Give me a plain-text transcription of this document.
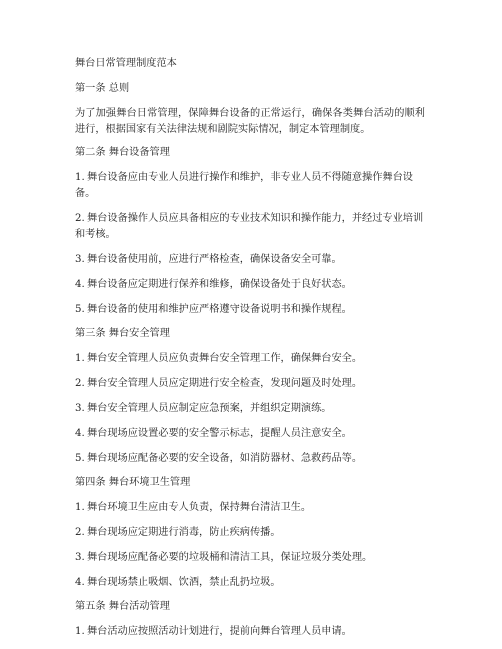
舞台日常管理制度范本
第一条 总则
为了加强舞台日常管理，保障舞台设备的正常运行，确保各类舞台活动的顺利进行，根据国家有关法律法规和剧院实际情况，制定本管理制度。
第二条 舞台设备管理
1. 舞台设备应由专业人员进行操作和维护，非专业人员不得随意操作舞台设备。
2. 舞台设备操作人员应具备相应的专业技术知识和操作能力，并经过专业培训和考核。
3. 舞台设备使用前，应进行严格检查，确保设备安全可靠。
4. 舞台设备应定期进行保养和维修，确保设备处于良好状态。
5. 舞台设备的使用和维护应严格遵守设备说明书和操作规程。
第三条 舞台安全管理
1. 舞台安全管理人员应负责舞台安全管理工作，确保舞台安全。
2. 舞台安全管理人员应定期进行安全检查，发现问题及时处理。
3. 舞台安全管理人员应制定应急预案，并组织定期演练。
4. 舞台现场应设置必要的安全警示标志，提醒人员注意安全。
5. 舞台现场应配备必要的安全设备，如消防器材、急救药品等。
第四条 舞台环境卫生管理
1. 舞台环境卫生应由专人负责，保持舞台清洁卫生。
2. 舞台现场应定期进行消毒，防止疾病传播。
3. 舞台现场应配备必要的垃圾桶和清洁工具，保证垃圾分类处理。
4. 舞台现场禁止吸烟、饮酒，禁止乱扔垃圾。
第五条 舞台活动管理
1. 舞台活动应按照活动计划进行，提前向舞台管理人员申请。
